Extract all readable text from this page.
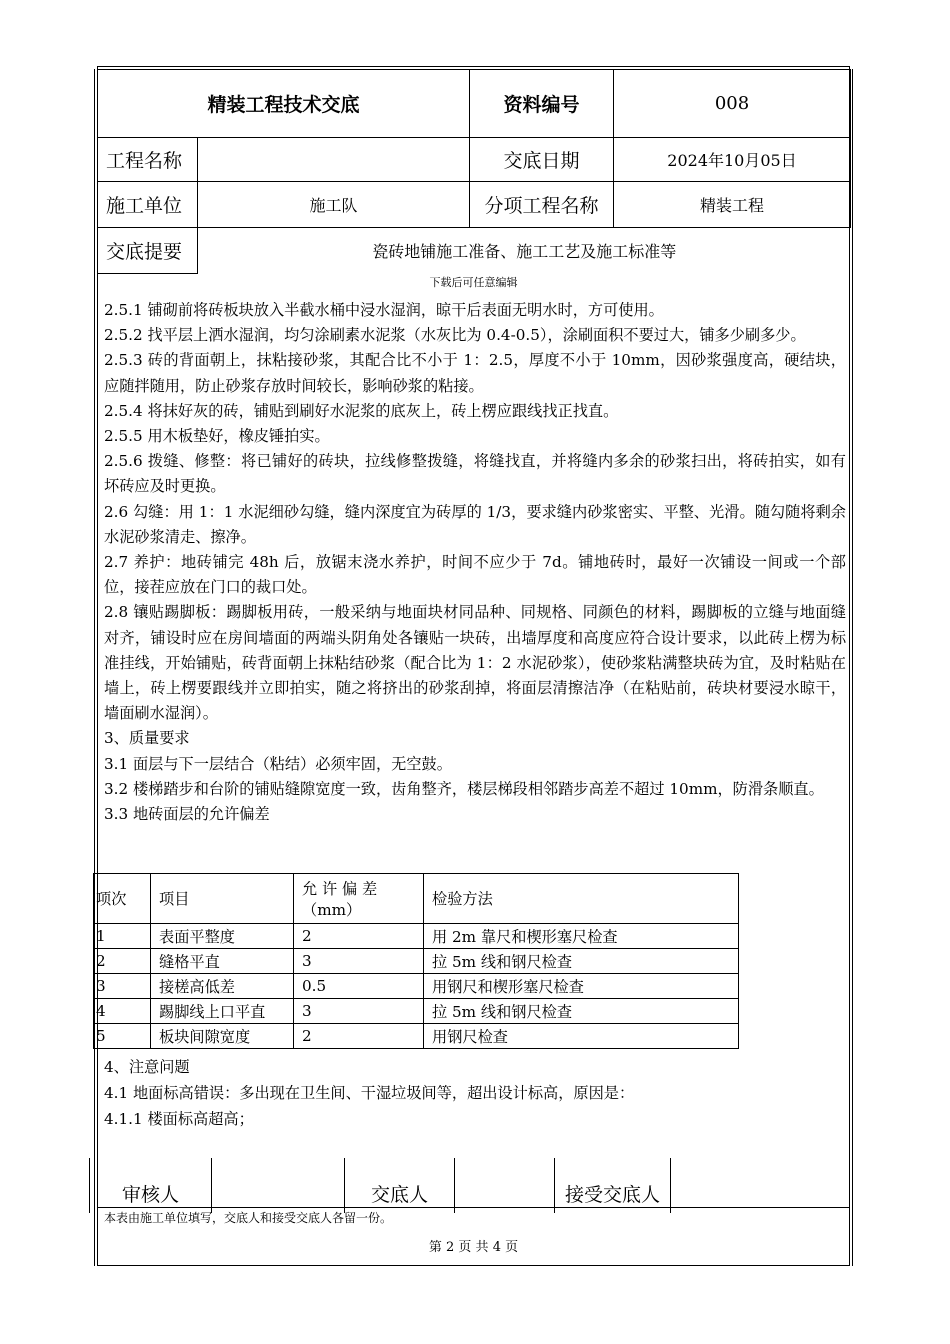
精装工程技术交底		资料编号	008
工程名称		交底日期	2024年10月05日
施工单位	施工队	分项工程名称	精装工程
交底提要	瓷砖地铺施工准备、施工工艺及施工标准等		
下载后可任意编辑

2.5.1 铺砌前将砖板块放入半截水桶中浸水湿润，晾干后表面无明水时，方可使用。

2.5.2 找平层上洒水湿润，均匀涂刷素水泥浆（水灰比为 0.4-0.5），涂刷面积不要过大，铺多少刷多少。

2.5.3 砖的背面朝上，抹粘接砂浆，其配合比不小于 1：2.5，厚度不小于 10mm，因砂浆强度高，硬结块，应随拌随用，防止砂浆存放时间较长，影响砂浆的粘接。

2.5.4 将抹好灰的砖，铺贴到刷好水泥浆的底灰上，砖上楞应跟线找正找直。

2.5.5 用木板垫好，橡皮锤拍实。

2.5.6 拨缝、修整：将已铺好的砖块，拉线修整拨缝，将缝找直，并将缝内多余的砂浆扫出，将砖拍实，如有坏砖应及时更换。

2.6 勾缝：用 1：1 水泥细砂勾缝，缝内深度宜为砖厚的 1/3，要求缝内砂浆密实、平整、光滑。随勾随将剩余水泥砂浆清走、擦净。

2.7 养护：地砖铺完 48h 后，放锯末浇水养护，时间不应少于 7d。铺地砖时，最好一次铺设一间或一个部位，接茬应放在门口的裁口处。

2.8 镶贴踢脚板：踢脚板用砖，一般采纳与地面块材同品种、同规格、同颜色的材料，踢脚板的立缝与地面缝对齐，铺设时应在房间墙面的两端头阴角处各镶贴一块砖，出墙厚度和高度应符合设计要求，以此砖上楞为标准挂线，开始铺贴，砖背面朝上抹粘结砂浆（配合比为 1：2 水泥砂浆），使砂浆粘满整块砖为宜，及时粘贴在墙上，砖上楞要跟线并立即拍实，随之将挤出的砂浆刮掉，将面层清擦洁净（在粘贴前，砖块材要浸水晾干，墙面刷水湿润）。

3、质量要求

3.1 面层与下一层结合（粘结）必须牢固，无空鼓。

3.2 楼梯踏步和台阶的铺贴缝隙宽度一致，齿角整齐，楼层梯段相邻踏步高差不超过 10mm，防滑条顺直。

3.3 地砖面层的允许偏差

项次	项目	允 许 偏 差（mm）	检验方法
1	表面平整度	2	用 2m 靠尺和楔形塞尺检查
2	缝格平直	3	拉 5m 线和钢尺检查
3	接槎高低差	0.5	用钢尺和楔形塞尺检查
4	踢脚线上口平直	3	拉 5m 线和钢尺检查
5	板块间隙宽度	2	用钢尺检查

4、注意问题

4.1 地面标高错误：多出现在卫生间、干湿垃圾间等，超出设计标高，原因是：

4.1.1 楼面标高超高；

审核人		交底人		接受交底人
本表由施工单位填写，交底人和接受交底人各留一份。
第 2 页 共 4 页
